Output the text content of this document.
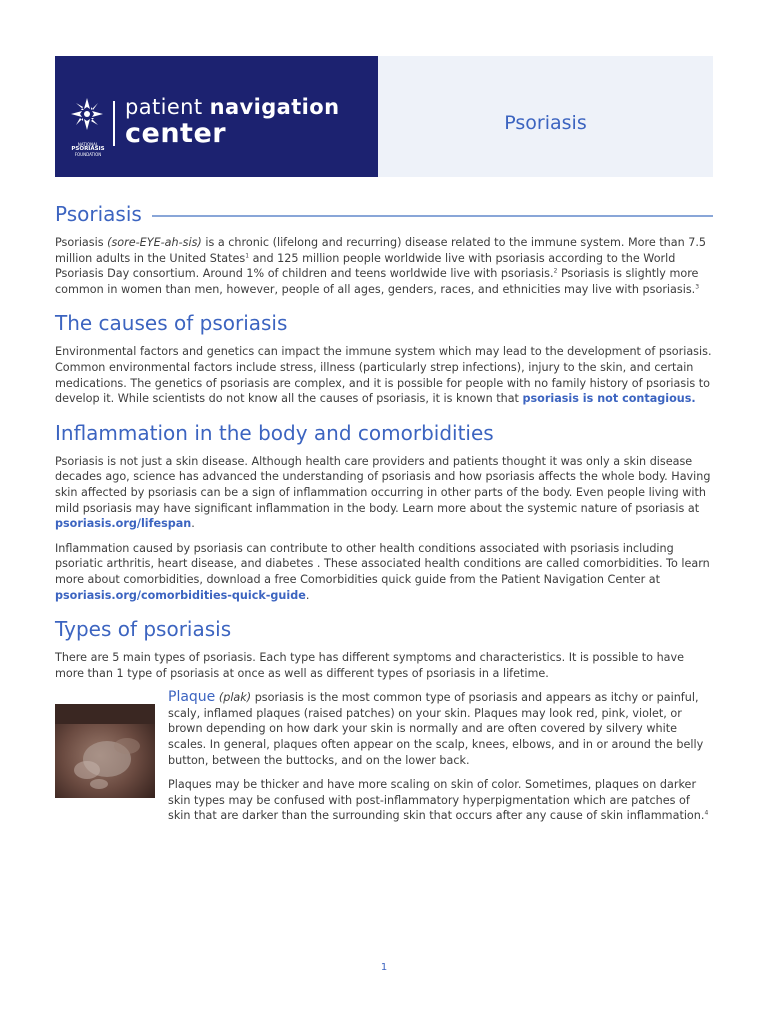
NATIONAL
PSORIASIS
FOUNDATION
patient navigation
center	Psoriasis
Psoriasis

Psoriasis (sore-EYE-ah-sis) is a chronic (lifelong and recurring) disease related to the immune system. More than 7.5 million adults in the United States$^1$ and 125 million people worldwide live with psoriasis according to the World Psoriasis Day consortium. Around 1% of children and teens worldwide live with psoriasis.$^2$ Psoriasis is slightly more common in women than men, however, people of all ages, genders, races, and ethnicities may live with psoriasis.$^3$

The causes of psoriasis

Environmental factors and genetics can impact the immune system which may lead to the development of psoriasis. Common environmental factors include stress, illness (particularly strep infections), injury to the skin, and certain medications. The genetics of psoriasis are complex, and it is possible for people with no family history of psoriasis to develop it. While scientists do not know all the causes of psoriasis, it is known that psoriasis is not contagious.

Inflammation in the body and comorbidities

Psoriasis is not just a skin disease. Although health care providers and patients thought it was only a skin disease decades ago, science has advanced the understanding of psoriasis and how psoriasis affects the whole body. Having skin affected by psoriasis can be a sign of inflammation occurring in other parts of the body. Even people living with mild psoriasis may have significant inflammation in the body. Learn more about the systemic nature of psoriasis at psoriasis.org/lifespan.

Inflammation caused by psoriasis can contribute to other health conditions associated with psoriasis including psoriatic arthritis, heart disease, and diabetes . These associated health conditions are called comorbidities. To learn more about comorbidities, download a free Comorbidities quick guide from the Patient Navigation Center at psoriasis.org/comorbidities-quick-guide.

Types of psoriasis

There are 5 main types of psoriasis. Each type has different symptoms and characteristics. It is possible to have more than 1 type of psoriasis at once as well as different types of psoriasis in a lifetime.

Plaque (plak) psoriasis is the most common type of psoriasis and appears as itchy or painful, scaly, inflamed plaques (raised patches) on your skin. Plaques may look red, pink, violet, or brown depending on how dark your skin is normally and are often covered by silvery white scales. In general, plaques often appear on the scalp, knees, elbows, and in or around the belly button, between the buttocks, and on the lower back.

Plaques may be thicker and have more scaling on skin of color. Sometimes, plaques on darker skin types may be confused with post-inflammatory hyperpigmentation which are patches of skin that are darker than the surrounding skin that occurs after any cause of skin inflammation.$^4$

1
